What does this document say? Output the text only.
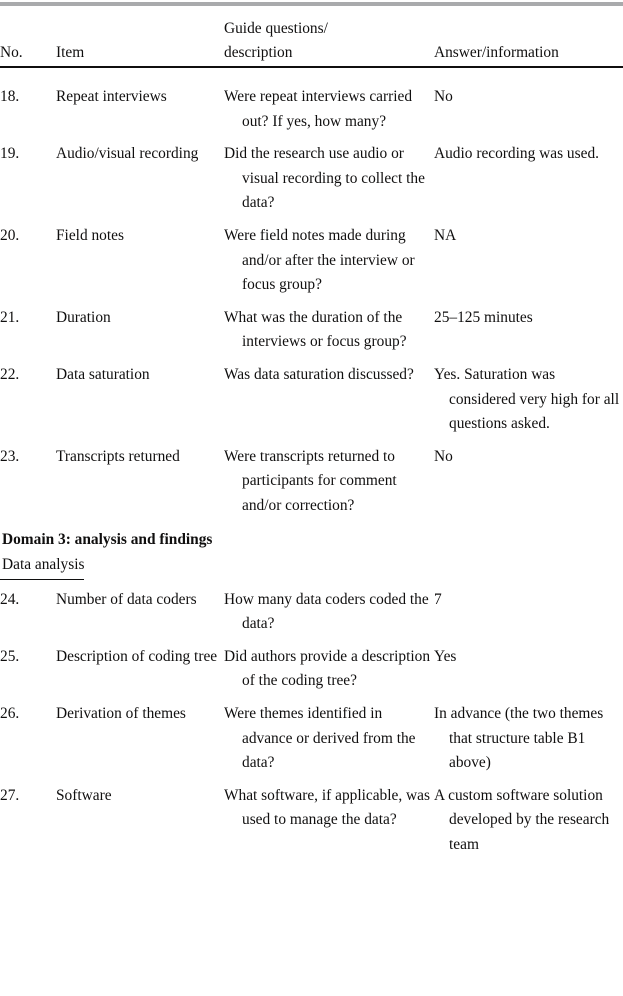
No.	Item	Guide questions/
description	Answer/information
18.	Repeat interviews	Were repeat interviews carried out? If yes, how many?	No

19.	Audio/visual recording	Did the research use audio or visual recording to collect the data?	Audio recording was used.

20.	Field notes	Were field notes made during and/or after the interview or focus group?	NA

21.	Duration	What was the duration of the interviews or focus group?	25–125 minutes

22.	Data saturation	Was data saturation discussed?	Yes. Saturation was considered very high for all questions asked.

23.	Transcripts returned	Were transcripts returned to participants for comment and/or correction?	No

Domain 3: analysis and findings			
Data analysis			
24.	Number of data coders	How many data coders coded the data?	7

25.	Description of coding tree	Did authors provide a description of the coding tree?	Yes

26.	Derivation of themes	Were themes identified in advance or derived from the data?	In advance (the two themes that structure table B1 above)

27.	Software	What software, if applicable, was used to manage the data?	A custom software solution developed by the research team
